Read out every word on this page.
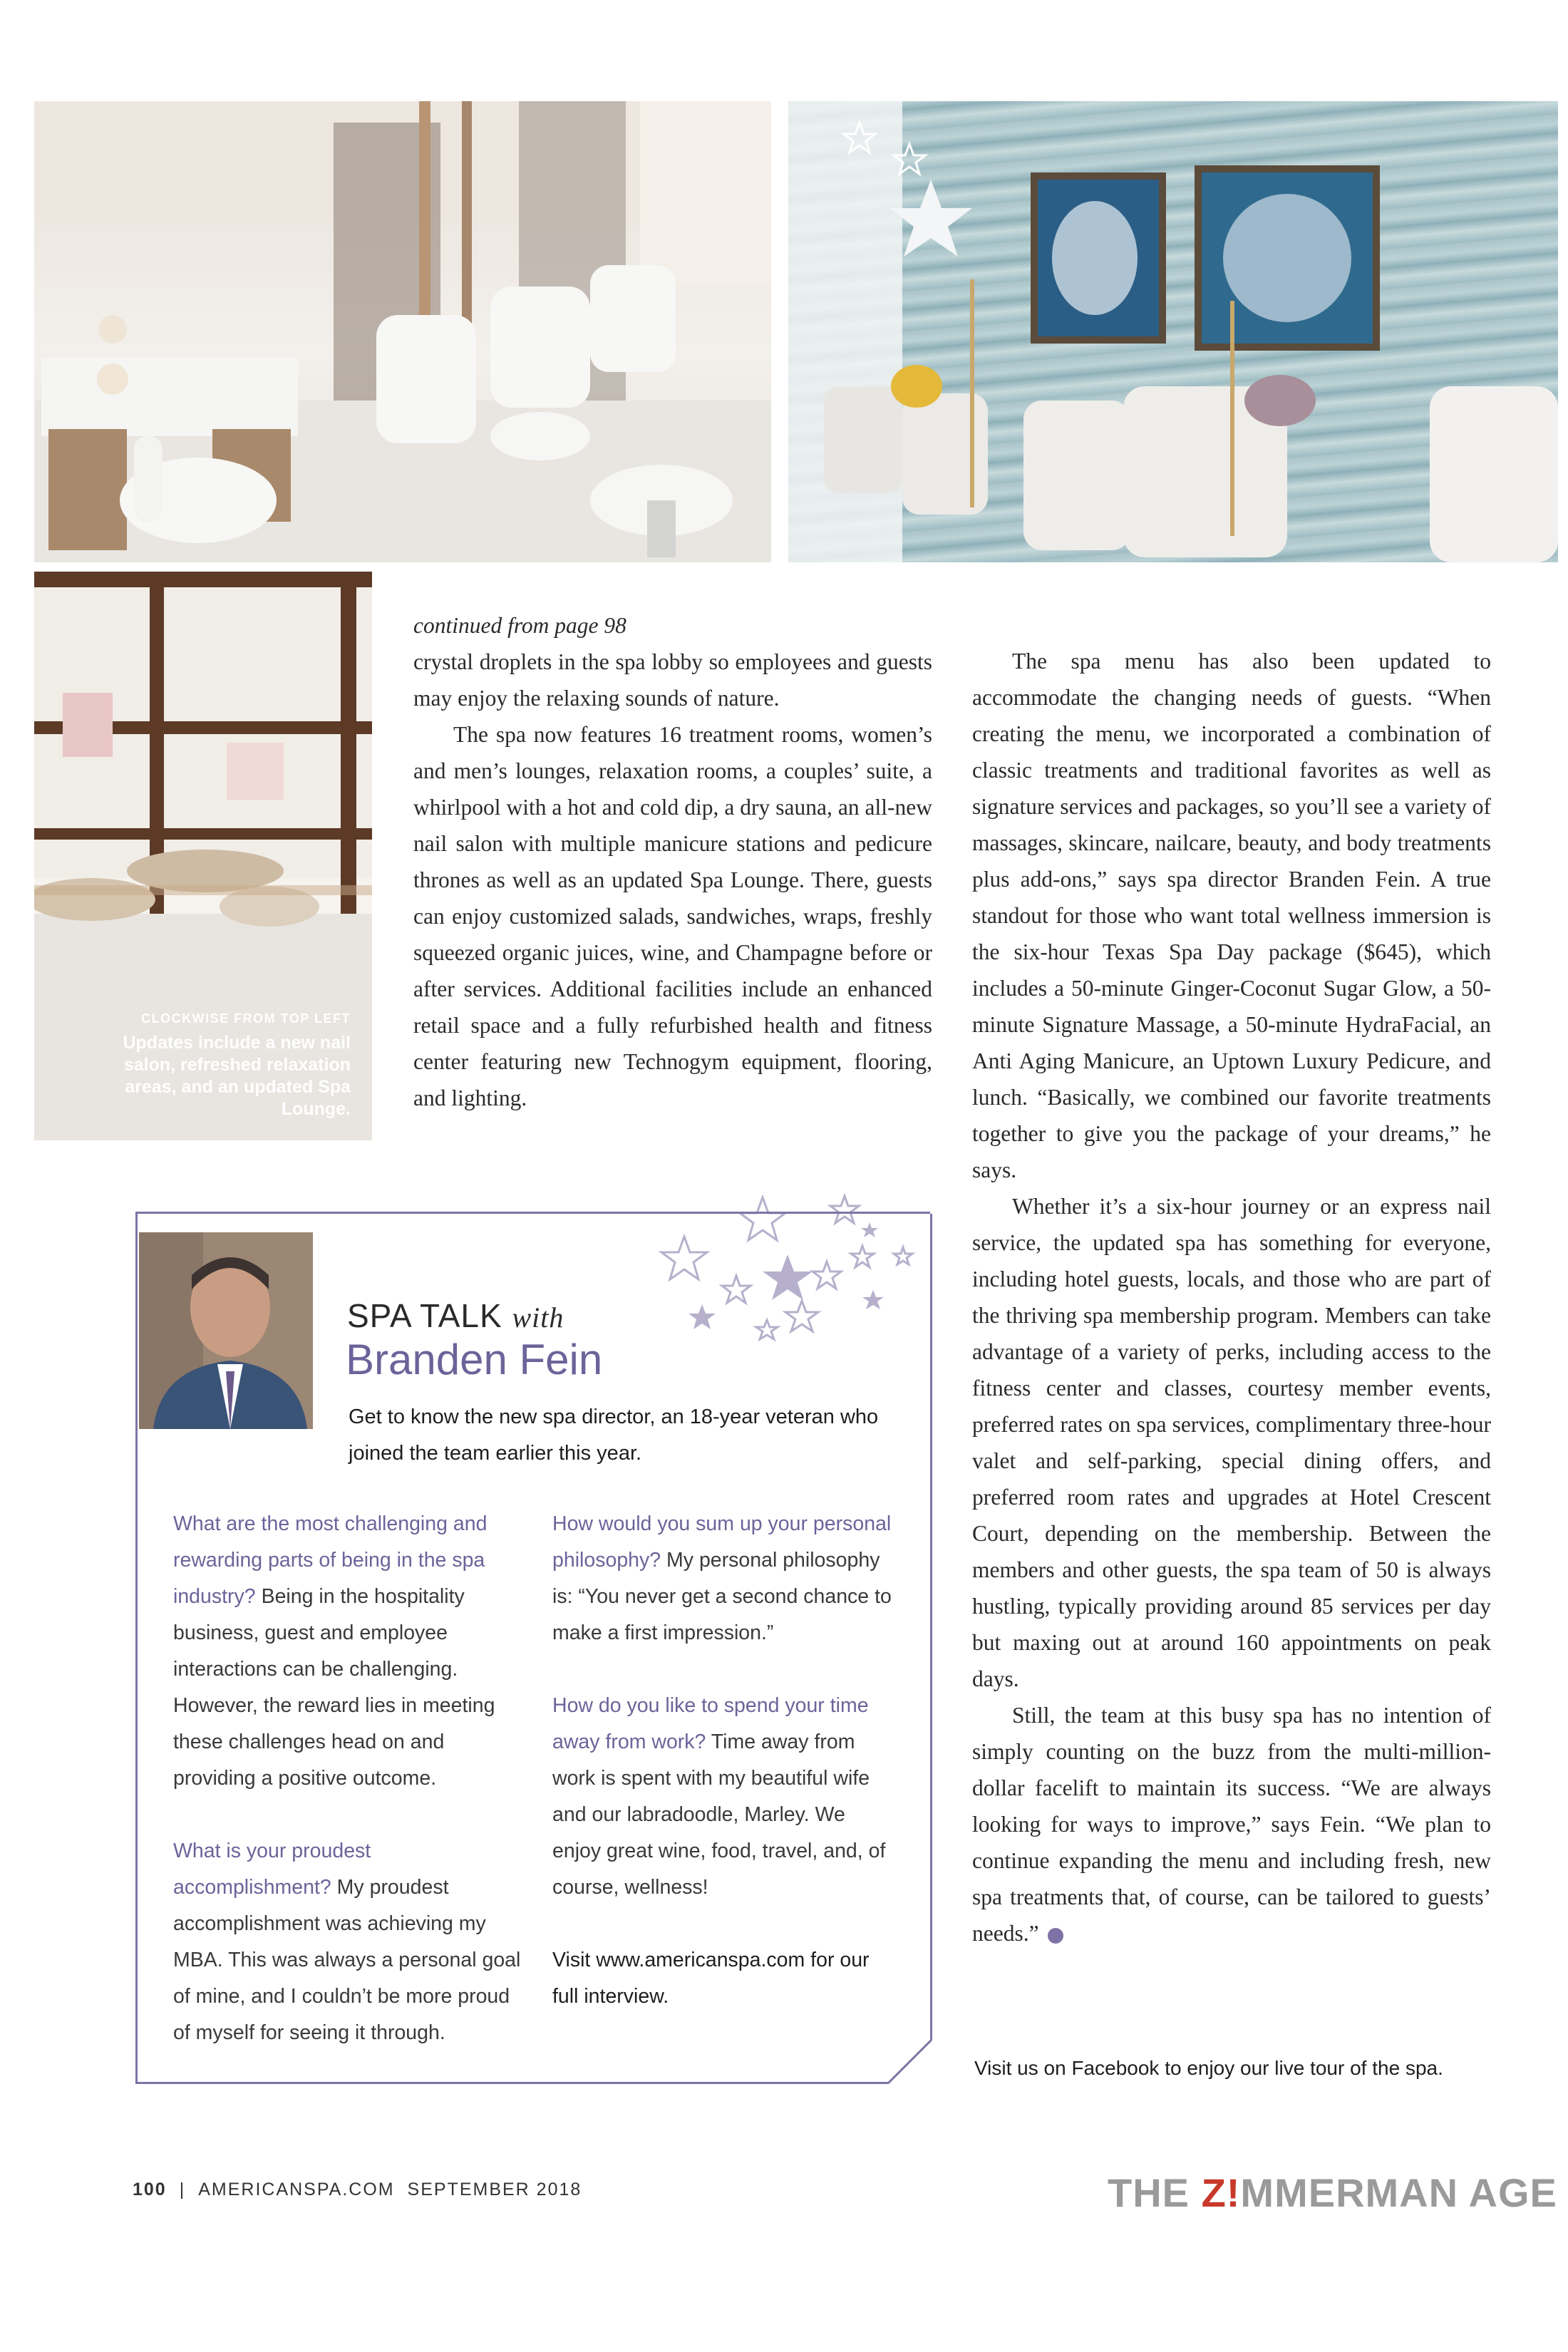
CLOCKWISE FROM TOP LEFT
Updates include a new nail salon, refreshed relaxation areas, and an updated Spa Lounge.

continued from page 98

crystal droplets in the spa lobby so employees and guests may enjoy the relaxing sounds of nature.

The spa now features 16 treatment rooms, women’s and men’s lounges, relaxation rooms, a couples’ suite, a whirlpool with a hot and cold dip, a dry sauna, an all-new nail salon with multiple manicure stations and pedicure thrones as well as an updated Spa Lounge. There, guests can enjoy customized salads, sandwiches, wraps, freshly squeezed organic juices, wine, and Champagne before or after services. Additional facilities include an enhanced retail space and a fully refurbished health and fitness center featuring new Technogym equipment, flooring, and lighting.

The spa menu has also been updated to accommodate the changing needs of guests. “When creating the menu, we incorporated a combination of classic treatments and traditional favorites as well as signature services and packages, so you’ll see a variety of massages, skincare, nailcare, beauty, and body treatments plus add-ons,” says spa director Branden Fein. A true standout for those who want total wellness immersion is the six-hour Texas Spa Day package ($645), which includes a 50-minute Ginger-Coconut Sugar Glow, a 50-minute Signature Massage, a 50-minute HydraFacial, an Anti Aging Manicure, an Uptown Luxury Pedicure, and lunch. “Basically, we combined our favorite treatments together to give you the package of your dreams,” he says.

Whether it’s a six-hour journey or an express nail service, the updated spa has something for everyone, including hotel guests, locals, and those who are part of the thriving spa membership program. Members can take advantage of a variety of perks, including access to the fitness center and classes, courtesy member events, preferred rates on spa services, complimentary three-hour valet and self-parking, special dining offers, and preferred room rates and upgrades at Hotel Crescent Court, depending on the membership. Between the members and other guests, the spa team of 50 is always hustling, typically providing around 85 services per day but maxing out at around 160 appointments on peak days.

Still, the team at this busy spa has no intention of simply counting on the buzz from the multi-million-dollar facelift to maintain its success. “We are always looking for ways to improve,” says Fein. “We plan to continue expanding the menu and including fresh, new spa treatments that, of course, can be tailored to guests’ needs.”

Visit us on Facebook to enjoy our live tour of the spa.
SPA TALK with
Branden Fein
Get to know the new spa director, an 18-year veteran who joined the team earlier this year.

What are the most challenging and rewarding parts of being in the spa industry? Being in the hospitality business, guest and employee interactions can be challenging. However, the reward lies in meeting these challenges head on and providing a positive outcome.

What is your proudest accomplishment? My proudest accomplishment was achieving my MBA. This was always a personal goal of mine, and I couldn’t be more proud of myself for seeing it through.

How would you sum up your personal philosophy? My personal philosophy is: “You never get a second chance to make a first impression.”

How do you like to spend your time away from work? Time away from work is spent with my beautiful wife and our labradoodle, Marley. We enjoy great wine, food, travel, and, of course, wellness!

Visit www.americanspa.com for our full interview.

100 | AMERICANSPA.COM SEPTEMBER 2018	THE Z!MMERMAN AGE
